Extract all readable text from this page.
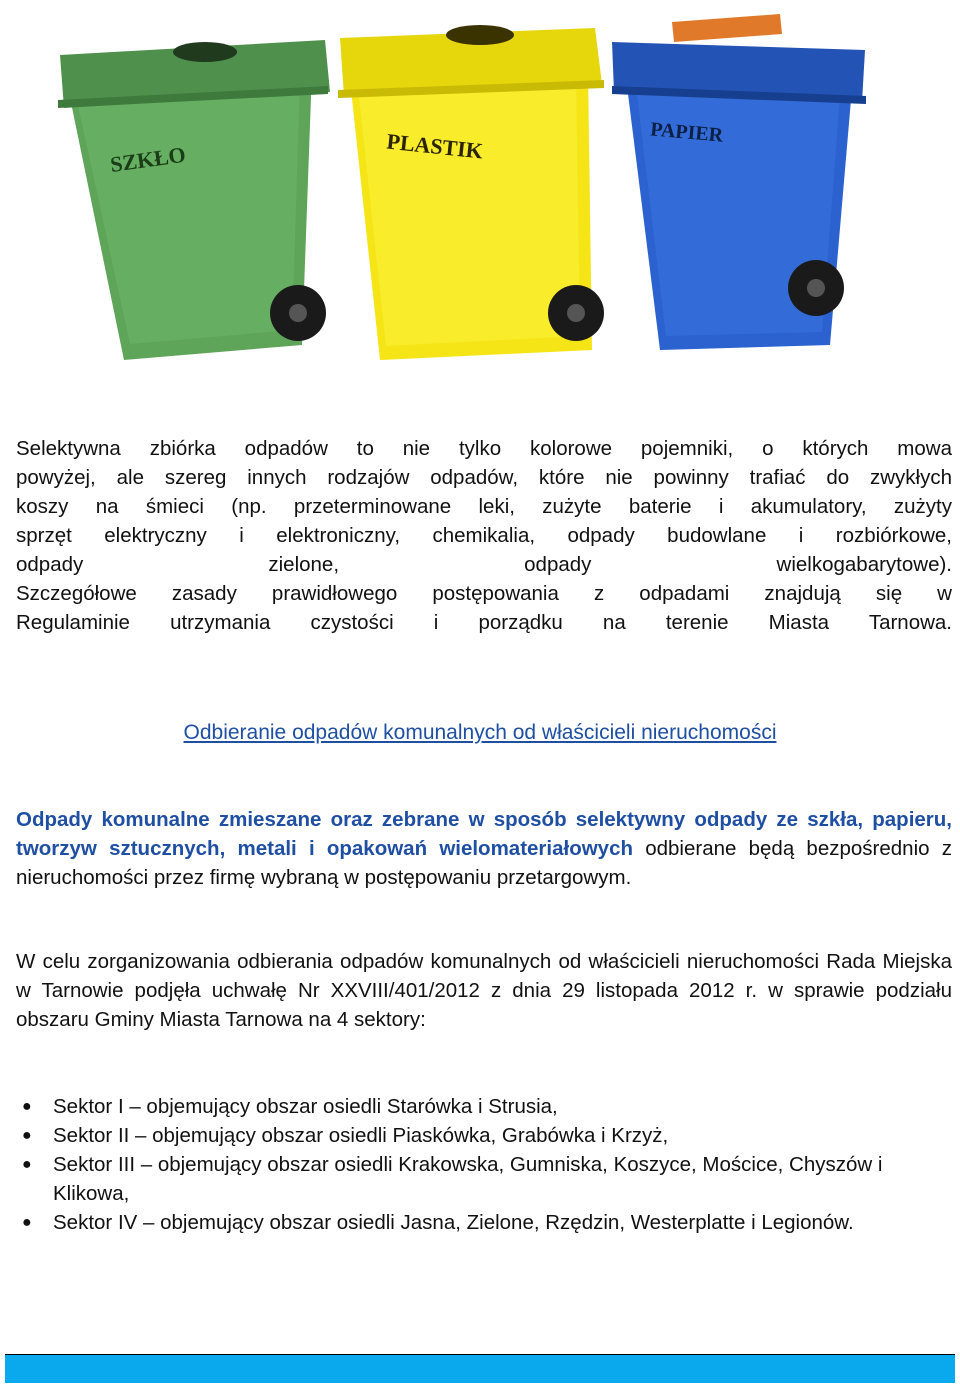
SZKŁO	PLASTIK	PAPIER
Selektywna zbiórka odpadów to nie tylko kolorowe pojemniki, o których mowa
powyżej, ale szereg innych rodzajów odpadów, które nie powinny trafiać do zwykłych
koszy na śmieci (np. przeterminowane leki, zużyte baterie i akumulatory, zużyty
sprzęt elektryczny i elektroniczny, chemikalia, odpady budowlane i rozbiórkowe,
odpady zielone, odpady wielkogabarytowe).
Szczegółowe zasady prawidłowego postępowania z odpadami znajdują się w
Regulaminie utrzymania czystości i porządku na terenie Miasta Tarnowa.
Odbieranie odpadów komunalnych od właścicieli nieruchomości
Odpady komunalne zmieszane oraz zebrane w sposób selektywny odpady ze szkła, papieru, tworzyw sztucznych, metali i opakowań wielomateriałowych odbierane będą bezpośrednio z nieruchomości przez firmę wybraną w postępowaniu przetargowym.
W celu zorganizowania odbierania odpadów komunalnych od właścicieli nieruchomości Rada Miejska w Tarnowie podjęła uchwałę Nr XXVIII/401/2012 z dnia 29 listopada 2012 r. w sprawie podziału obszaru Gminy Miasta Tarnowa na 4 sektory:
● Sektor I – objemujący obszar osiedli Starówka i Strusia,
● Sektor II – objemujący obszar osiedli Piaskówka, Grabówka i Krzyż,
● Sektor III – objemujący obszar osiedli Krakowska, Gumniska, Koszyce, Mościce, Chyszów i Klikowa,
● Sektor IV – objemujący obszar osiedli Jasna, Zielone, Rzędzin, Westerplatte i Legionów.
